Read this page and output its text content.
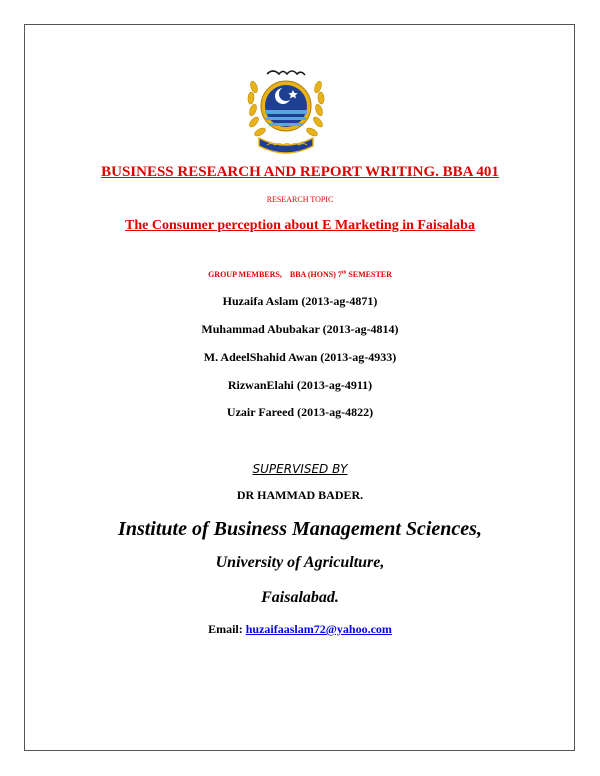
BUSINESS RESEARCH AND REPORT WRITING. BBA 401
RESEARCH TOPIC
The Consumer perception about E Marketing in Faisalaba
GROUP MEMBERS, BBA (HONS) 7th SEMESTER
Huzaifa Aslam (2013-ag-4871)
Muhammad Abubakar (2013-ag-4814)
M. AdeelShahid Awan (2013-ag-4933)
RizwanElahi (2013-ag-4911)
Uzair Fareed (2013-ag-4822)
SUPERVISED BY
DR HAMMAD BADER.
Institute of Business Management Sciences,
University of Agriculture,
Faisalabad.
Email: huzaifaaslam72@yahoo.com
